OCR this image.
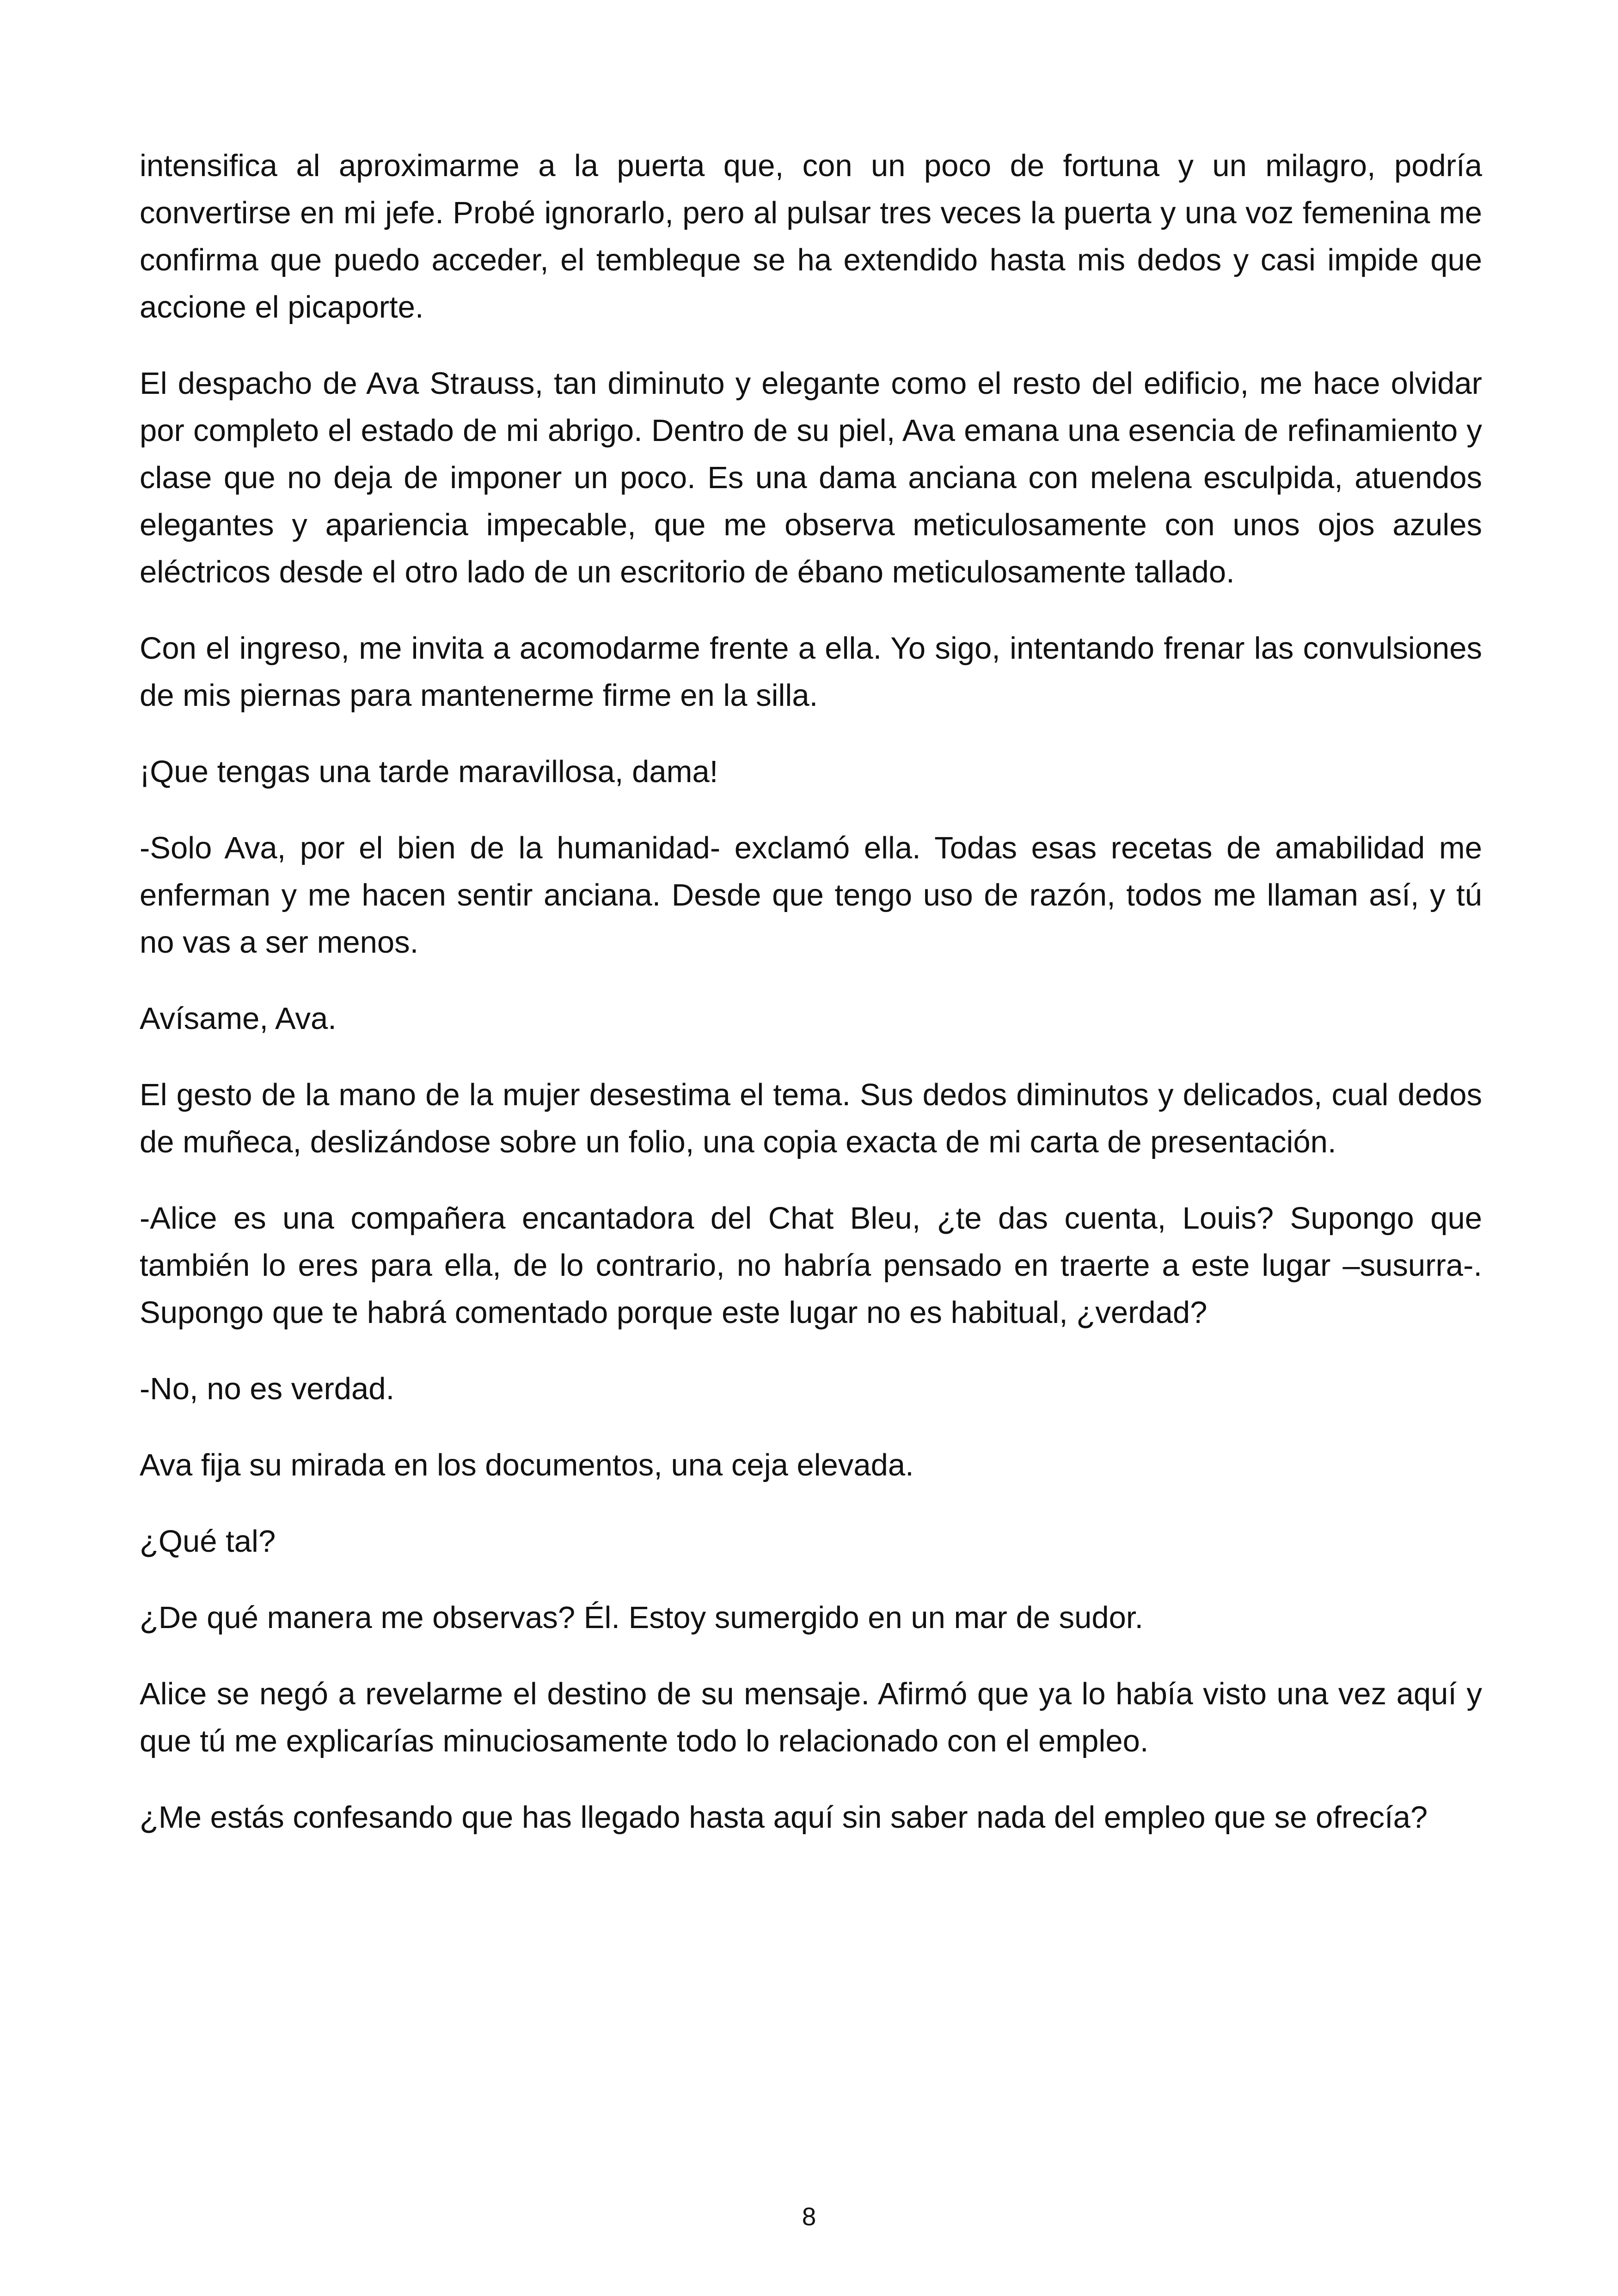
intensifica al aproximarme a la puerta que, con un poco de fortuna y un milagro, podría convertirse en mi jefe. Probé ignorarlo, pero al pulsar tres veces la puerta y una voz femenina me confirma que puedo acceder, el tembleque se ha extendido hasta mis dedos y casi impide que accione el picaporte.

El despacho de Ava Strauss, tan diminuto y elegante como el resto del edificio, me hace olvidar por completo el estado de mi abrigo. Dentro de su piel, Ava emana una esencia de refinamiento y clase que no deja de imponer un poco. Es una dama anciana con melena esculpida, atuendos elegantes y apariencia impecable, que me observa meticulosamente con unos ojos azules eléctricos desde el otro lado de un escritorio de ébano meticulosamente tallado.

Con el ingreso, me invita a acomodarme frente a ella. Yo sigo, intentando frenar las convulsiones de mis piernas para mantenerme firme en la silla.

¡Que tengas una tarde maravillosa, dama!

-Solo Ava, por el bien de la humanidad- exclamó ella. Todas esas recetas de amabilidad me enferman y me hacen sentir anciana. Desde que tengo uso de razón, todos me llaman así, y tú no vas a ser menos.

Avísame, Ava.

El gesto de la mano de la mujer desestima el tema. Sus dedos diminutos y delicados, cual dedos de muñeca, deslizándose sobre un folio, una copia exacta de mi carta de presentación.

-Alice es una compañera encantadora del Chat Bleu, ¿te das cuenta, Louis? Supongo que también lo eres para ella, de lo contrario, no habría pensado en traerte a este lugar –susurra-. Supongo que te habrá comentado porque este lugar no es habitual, ¿verdad?

-No, no es verdad.

Ava fija su mirada en los documentos, una ceja elevada.

¿Qué tal?

¿De qué manera me observas? Él. Estoy sumergido en un mar de sudor.

Alice se negó a revelarme el destino de su mensaje. Afirmó que ya lo había visto una vez aquí y que tú me explicarías minuciosamente todo lo relacionado con el empleo.

¿Me estás confesando que has llegado hasta aquí sin saber nada del empleo que se ofrecía?

8
